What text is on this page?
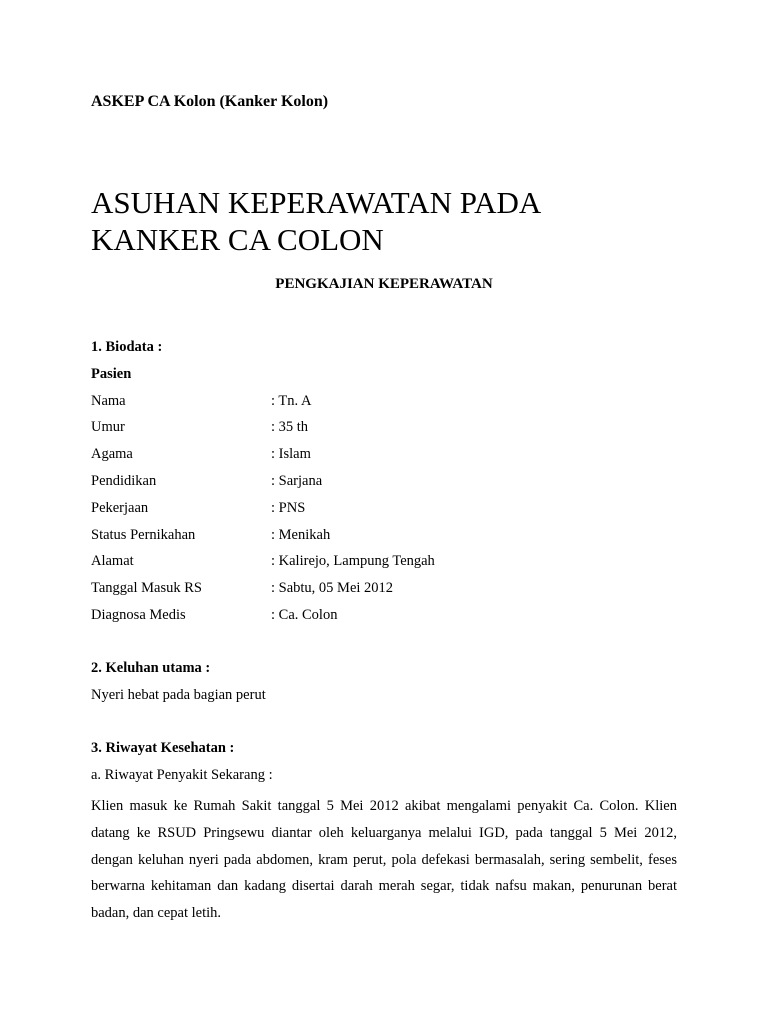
ASKEP CA Kolon (Kanker Kolon)

ASUHAN KEPERAWATAN PADA
KANKER CA COLON

PENGKAJIAN KEPERAWATAN

1. Biodata :

Pasien

Nama	: Tn. A
Umur	: 35 th
Agama	: Islam
Pendidikan	: Sarjana
Pekerjaan	: PNS
Status Pernikahan	: Menikah
Alamat	: Kalirejo, Lampung Tengah
Tanggal Masuk RS	: Sabtu, 05 Mei 2012
Diagnosa Medis	: Ca. Colon

2. Keluhan utama :

Nyeri hebat pada bagian perut

3. Riwayat Kesehatan :

a. Riwayat Penyakit Sekarang :

Klien masuk ke Rumah Sakit tanggal 5 Mei 2012 akibat mengalami penyakit Ca. Colon. Klien datang ke RSUD Pringsewu diantar oleh keluarganya melalui IGD, pada tanggal 5 Mei 2012, dengan keluhan nyeri pada abdomen, kram perut, pola defekasi bermasalah, sering sembelit, feses berwarna kehitaman dan kadang disertai darah merah segar, tidak nafsu makan, penurunan berat badan, dan cepat letih.
